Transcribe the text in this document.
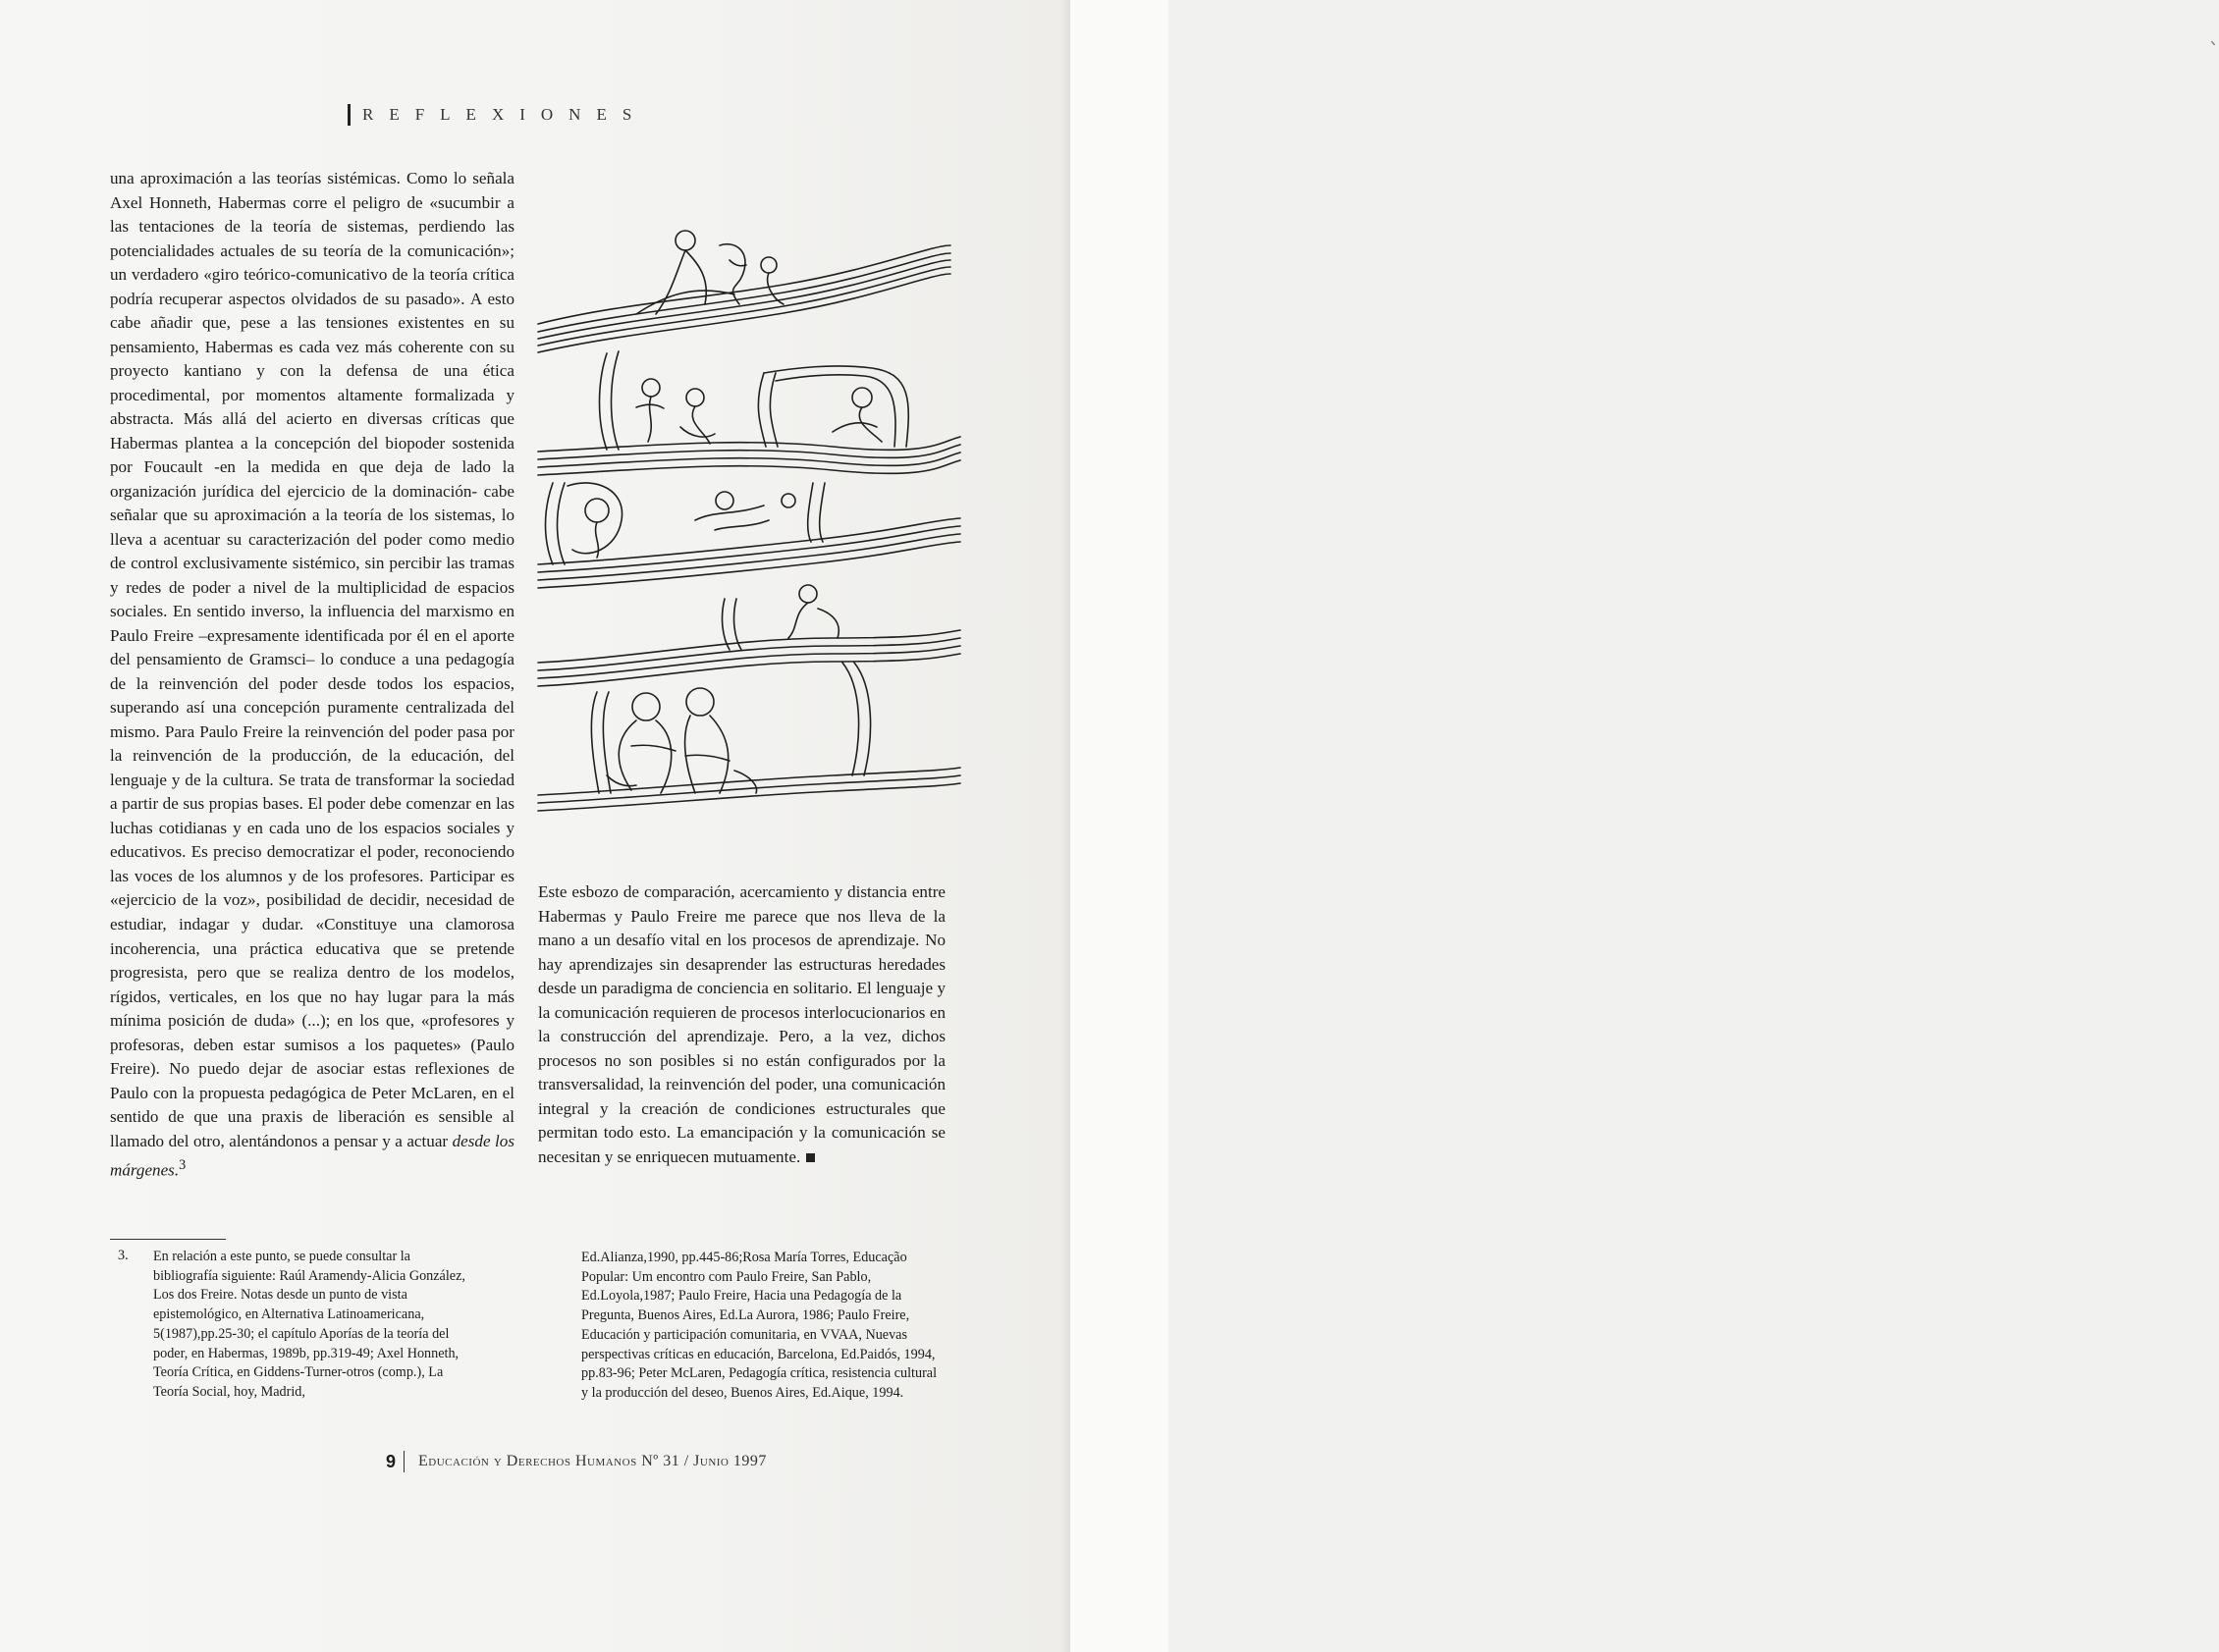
ˎ
REFLEXIONES

una aproximación a las teorías sistémicas. Como lo señala Axel Honneth, Habermas corre el peligro de «sucumbir a las tentaciones de la teoría de sistemas, perdiendo las potencialidades actuales de su teoría de la comunicación»; un verdadero «giro teórico-comunicativo de la teoría crítica podría recuperar aspectos olvidados de su pasado». A esto cabe añadir que, pese a las tensiones existentes en su pensamiento, Habermas es cada vez más coherente con su proyecto kantiano y con la defensa de una ética procedimental, por momentos altamente formalizada y abstracta. Más allá del acierto en diversas críticas que Habermas plantea a la concepción del biopoder sostenida por Foucault -en la medida en que deja de lado la organización jurídica del ejercicio de la dominación- cabe señalar que su aproximación a la teoría de los sistemas, lo lleva a acentuar su caracterización del poder como medio de control exclusivamente sistémico, sin percibir las tramas y redes de poder a nivel de la multiplicidad de espacios sociales. En sentido inverso, la influencia del marxismo en Paulo Freire –expresamente identificada por él en el aporte del pensamiento de Gramsci– lo conduce a una pedagogía de la reinvención del poder desde todos los espacios, superando así una concepción puramente centralizada del mismo. Para Paulo Freire la reinvención del poder pasa por la reinvención de la producción, de la educación, del lenguaje y de la cultura. Se trata de transformar la sociedad a partir de sus propias bases. El poder debe comenzar en las luchas cotidianas y en cada uno de los espacios sociales y educativos. Es preciso democratizar el poder, reconociendo las voces de los alumnos y de los profesores. Participar es «ejercicio de la voz», posibilidad de decidir, necesidad de estudiar, indagar y dudar. «Constituye una clamorosa incoherencia, una práctica educativa que se pretende progresista, pero que se realiza dentro de los modelos, rígidos, verticales, en los que no hay lugar para la más mínima posición de duda» (...); en los que, «profesores y profesoras, deben estar sumisos a los paquetes» (Paulo Freire). No puedo dejar de asociar estas reflexiones de Paulo con la propuesta pedagógica de Peter McLaren, en el sentido de que una praxis de liberación es sensible al llamado del otro, alentándonos a pensar y a actuar desde los márgenes.$^3$

Este esbozo de comparación, acercamiento y distancia entre Habermas y Paulo Freire me parece que nos lleva de la mano a un desafío vital en los procesos de aprendizaje. No hay aprendizajes sin desaprender las estructuras heredades desde un paradigma de conciencia en solitario. El lenguaje y la comunicación requieren de procesos interlocucionarios en la construcción del aprendizaje. Pero, a la vez, dichos procesos no son posibles si no están configurados por la transversalidad, la reinvención del poder, una comunicación integral y la creación de condiciones estructurales que permitan todo esto. La emancipación y la comunicación se necesitan y se enriquecen mutuamente.

3. En relación a este punto, se puede consultar la bibliografía siguiente: Raúl Aramendy-Alicia González, Los dos Freire. Notas desde un punto de vista epistemológico, en Alternativa Latinoamericana, 5(1987),pp.25-30; el capítulo Aporías de la teoría del poder, en Habermas, 1989b, pp.319-49; Axel Honneth, Teoría Crítica, en Giddens-Turner-otros (comp.), La Teoría Social, hoy, Madrid,

Ed.Alianza,1990, pp.445-86;Rosa María Torres, Educação Popular: Um encontro com Paulo Freire, San Pablo, Ed.Loyola,1987; Paulo Freire, Hacia una Pedagogía de la Pregunta, Buenos Aires, Ed.La Aurora, 1986; Paulo Freire, Educación y participación comunitaria, en VVAA, Nuevas perspectivas críticas en educación, Barcelona, Ed.Paidós, 1994, pp.83-96; Peter McLaren, Pedagogía crítica, resistencia cultural y la producción del deseo, Buenos Aires, Ed.Aique, 1994.

9 Educación y Derechos Humanos Nº 31 / Junio 1997
